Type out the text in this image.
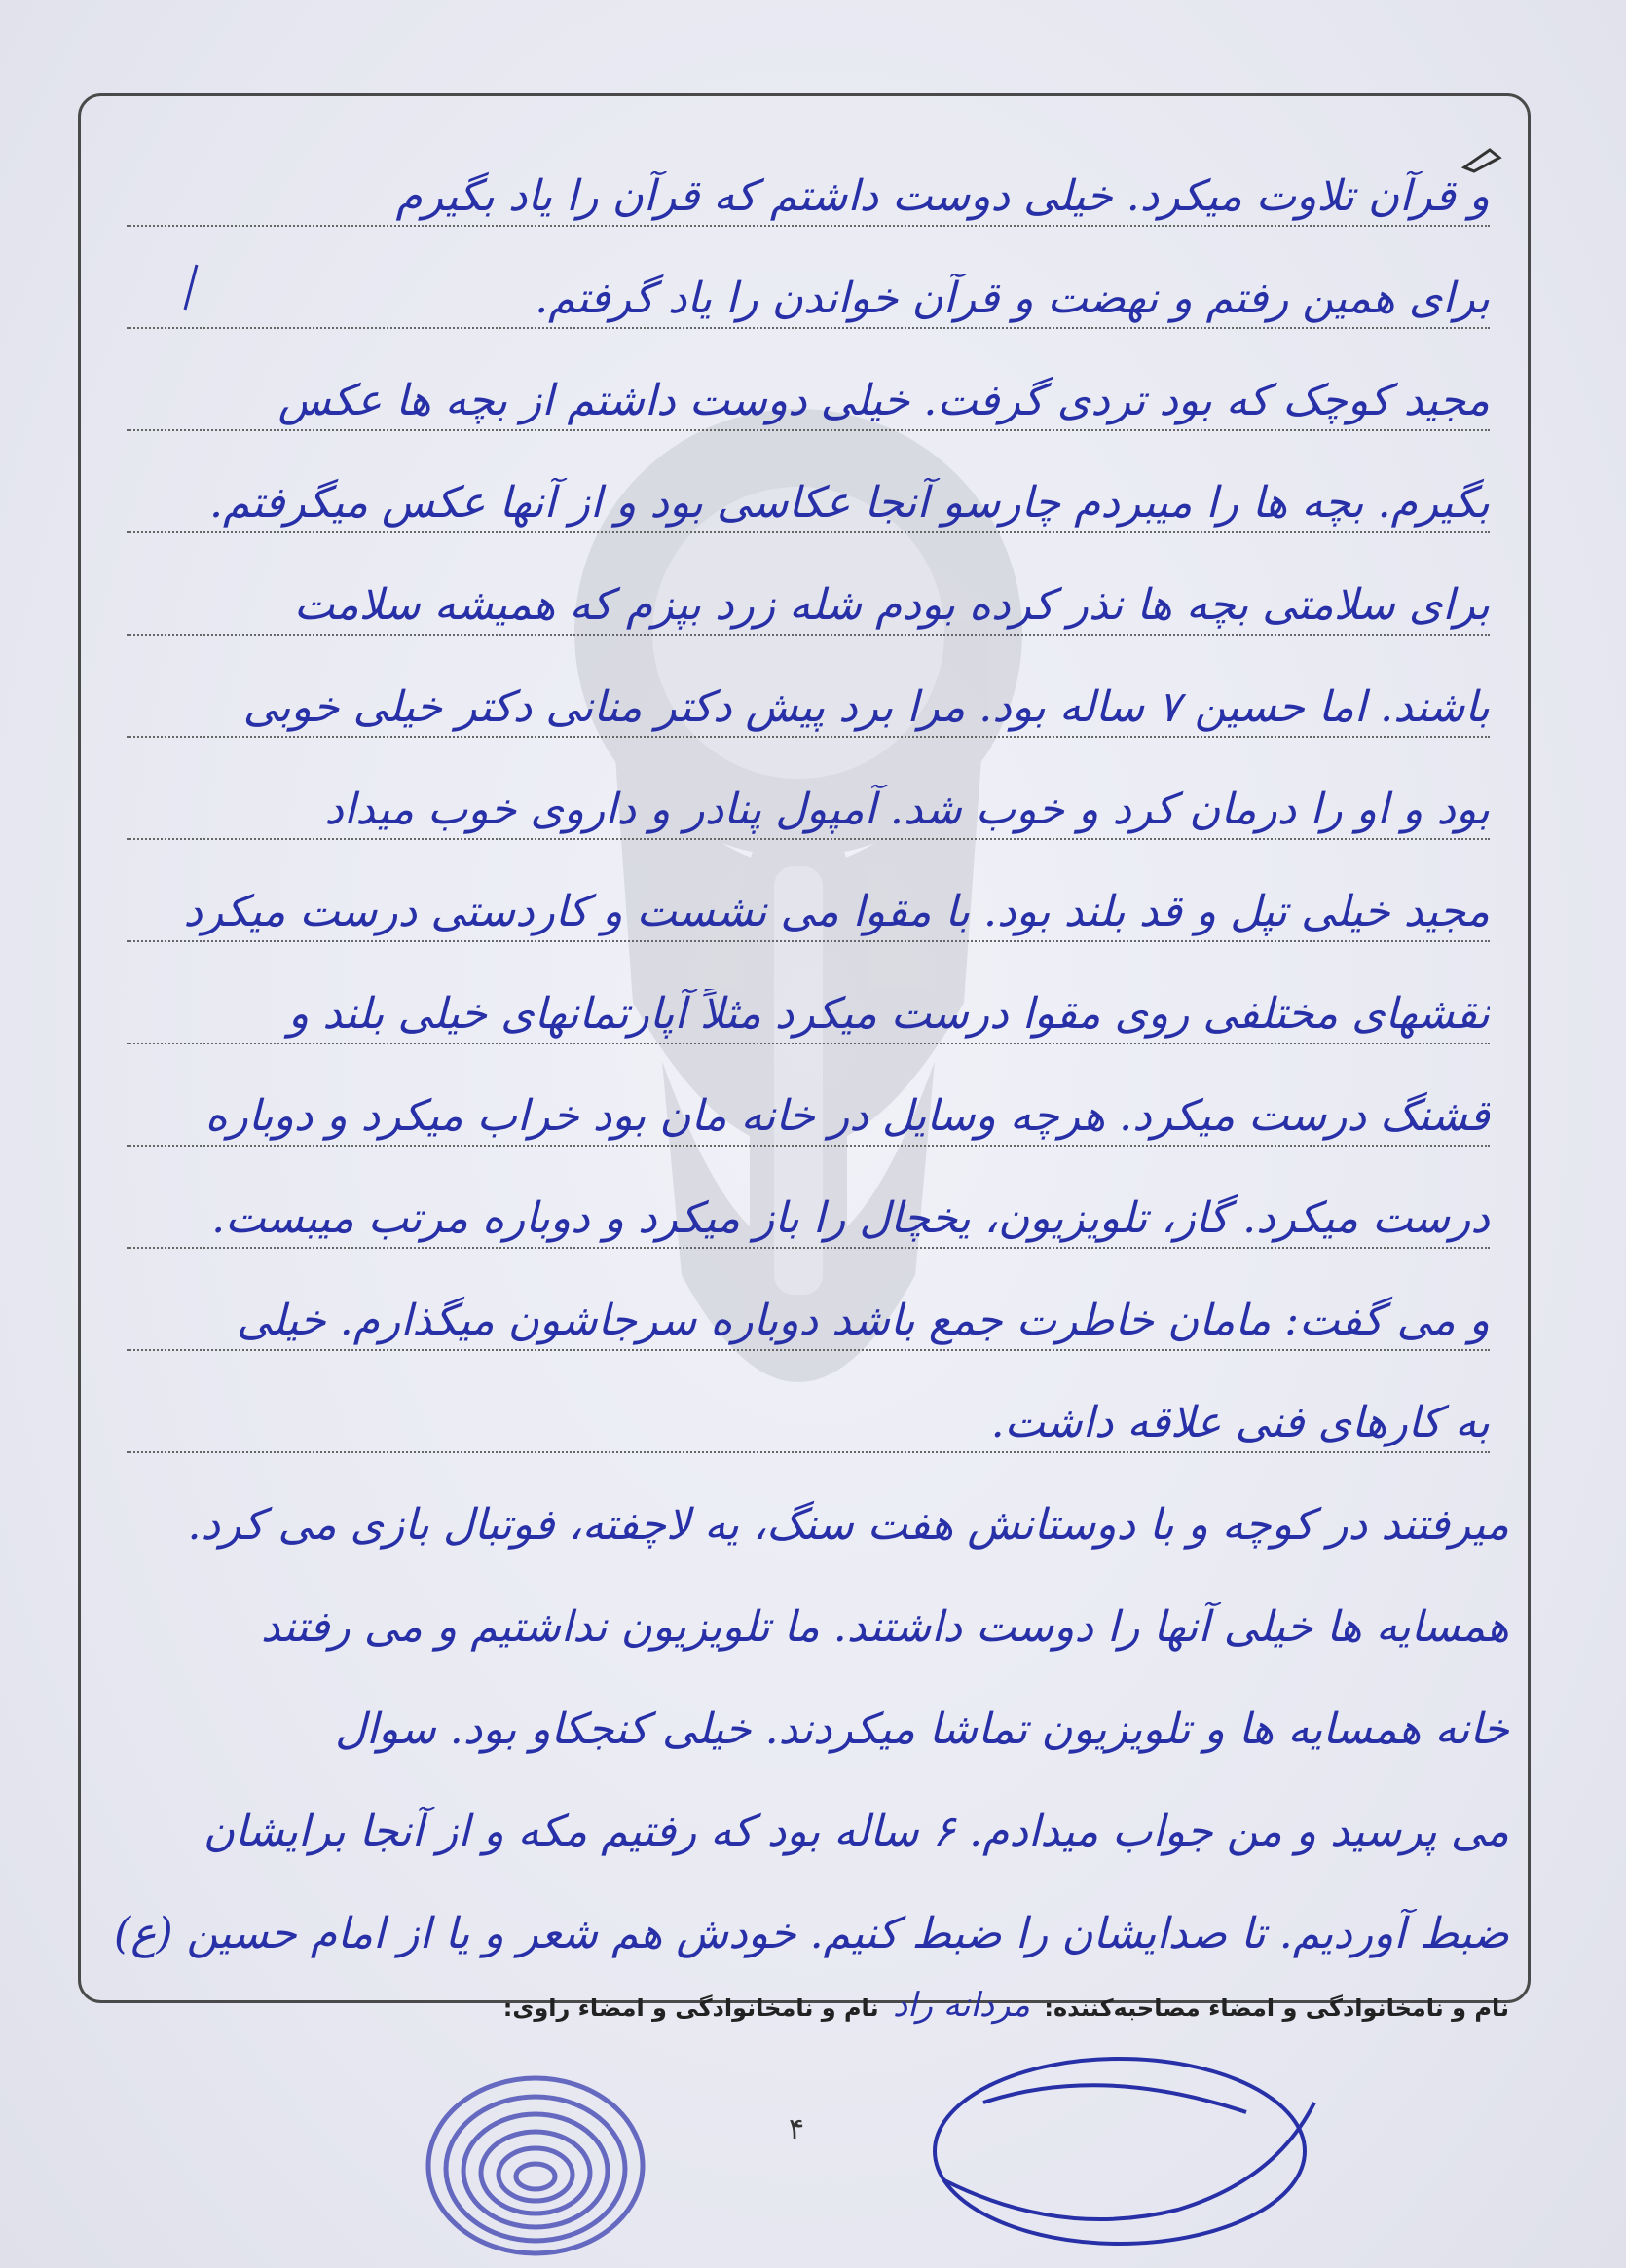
و قرآن تلاوت میکرد. خیلی دوست داشتم که قرآن را یاد بگیرم
برای همین رفتم و نهضت و قرآن خواندن را یاد گرفتم.
مجید کوچک که بود تردی گرفت. خیلی دوست داشتم از بچه ها عکس
بگیرم. بچه ها را میبردم چارسو آنجا عکاسی بود و از آنها عکس میگرفتم.
برای سلامتی بچه ها نذر کرده بودم شله زرد بپزم که همیشه سلامت
باشند. اما حسین ۷ ساله بود. مرا برد پیش دکتر منانی دکتر خیلی خوبی
بود و او را درمان کرد و خوب شد. آمپول پنادر و داروی خوب میداد
مجید خیلی تپل و قد بلند بود. با مقوا می نشست و کاردستی درست میکرد
نقشهای مختلفی روی مقوا درست میکرد مثلاً آپارتمانهای خیلی بلند و
قشنگ درست میکرد. هرچه وسایل در خانه مان بود خراب میکرد و دوباره
درست میکرد. گاز، تلویزیون، یخچال را باز میکرد و دوباره مرتب میبست.
و می گفت: مامان خاطرت جمع باشد دوباره سرجاشون میگذارم. خیلی
به کارهای فنی علاقه داشت.
میرفتند در کوچه و با دوستانش هفت سنگ، یه لاچفته، فوتبال بازی می کرد.
همسایه ها خیلی آنها را دوست داشتند. ما تلویزیون نداشتیم و می رفتند
خانه همسایه ها و تلویزیون تماشا میکردند. خیلی کنجکاو بود. سوال
می پرسید و من جواب میدادم. ۶ ساله بود که رفتیم مکه و از آنجا برایشان
ضبط آوردیم. تا صدایشان را ضبط کنیم. خودش هم شعر و یا از امام حسین (ع)
نام و نامخانوادگی و امضاء مصاحبه‌کننده: مردانه راد نام و نامخانوادگی و امضاء راوی:
۴
